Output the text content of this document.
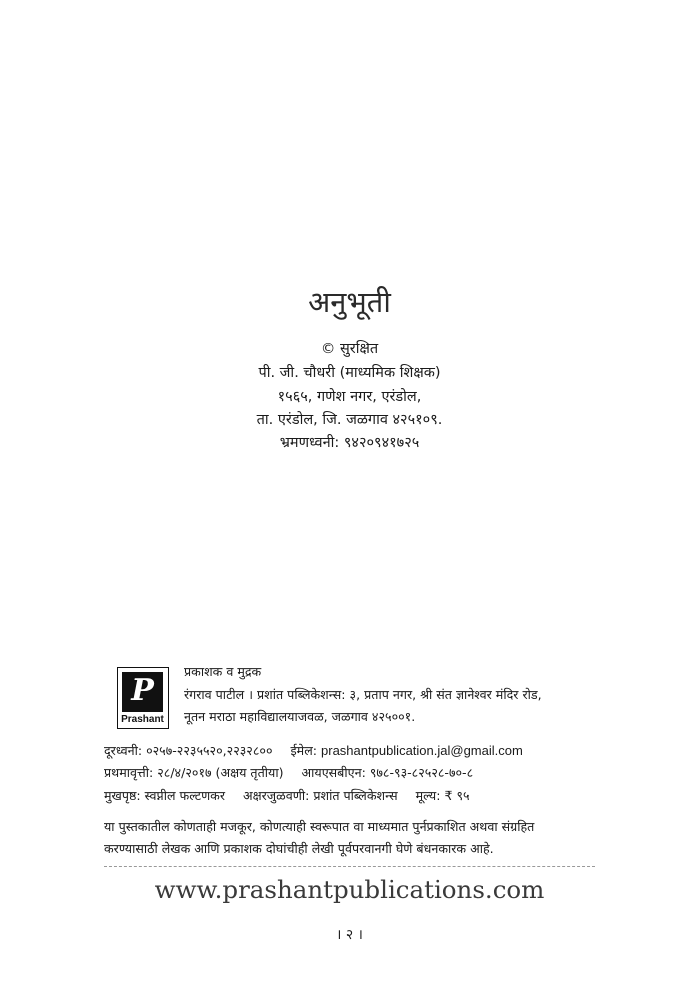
अनुभूती
© सुरक्षित
पी. जी. चौधरी (माध्यमिक शिक्षक)
१५६५, गणेश नगर, एरंडोल,
ता. एरंडोल, जि. जळगाव ४२५१०९.
भ्रमणध्वनी: ९४२०९४१७२५
P
Prashant
प्रकाशक व मुद्रक
रंगराव पाटील । प्रशांत पब्लिकेशन्स: ३, प्रताप नगर, श्री संत ज्ञानेश्वर मंदिर रोड,
नूतन मराठा महाविद्यालयाजवळ, जळगाव ४२५००१.
दूरध्वनी: ०२५७-२२३५५२०,२२३२८०० ईमेल: prashantpublication.jal@gmail.com
प्रथमावृत्ती: २८/४/२०१७ (अक्षय तृतीया) आयएसबीएन: ९७८-९३-८२५२८-७०-८
मुखपृष्ठ: स्वप्नील फल्टणकर अक्षरजुळवणी: प्रशांत पब्लिकेशन्स मूल्य: ₹ ९५
या पुस्तकातील कोणताही मजकूर, कोणत्याही स्वरूपात वा माध्यमात पुर्नप्रकाशित अथवा संग्रहित
करण्यासाठी लेखक आणि प्रकाशक दोघांचीही लेखी पूर्वपरवानगी घेणे बंधनकारक आहे.
www.prashantpublications.com
। २ ।
